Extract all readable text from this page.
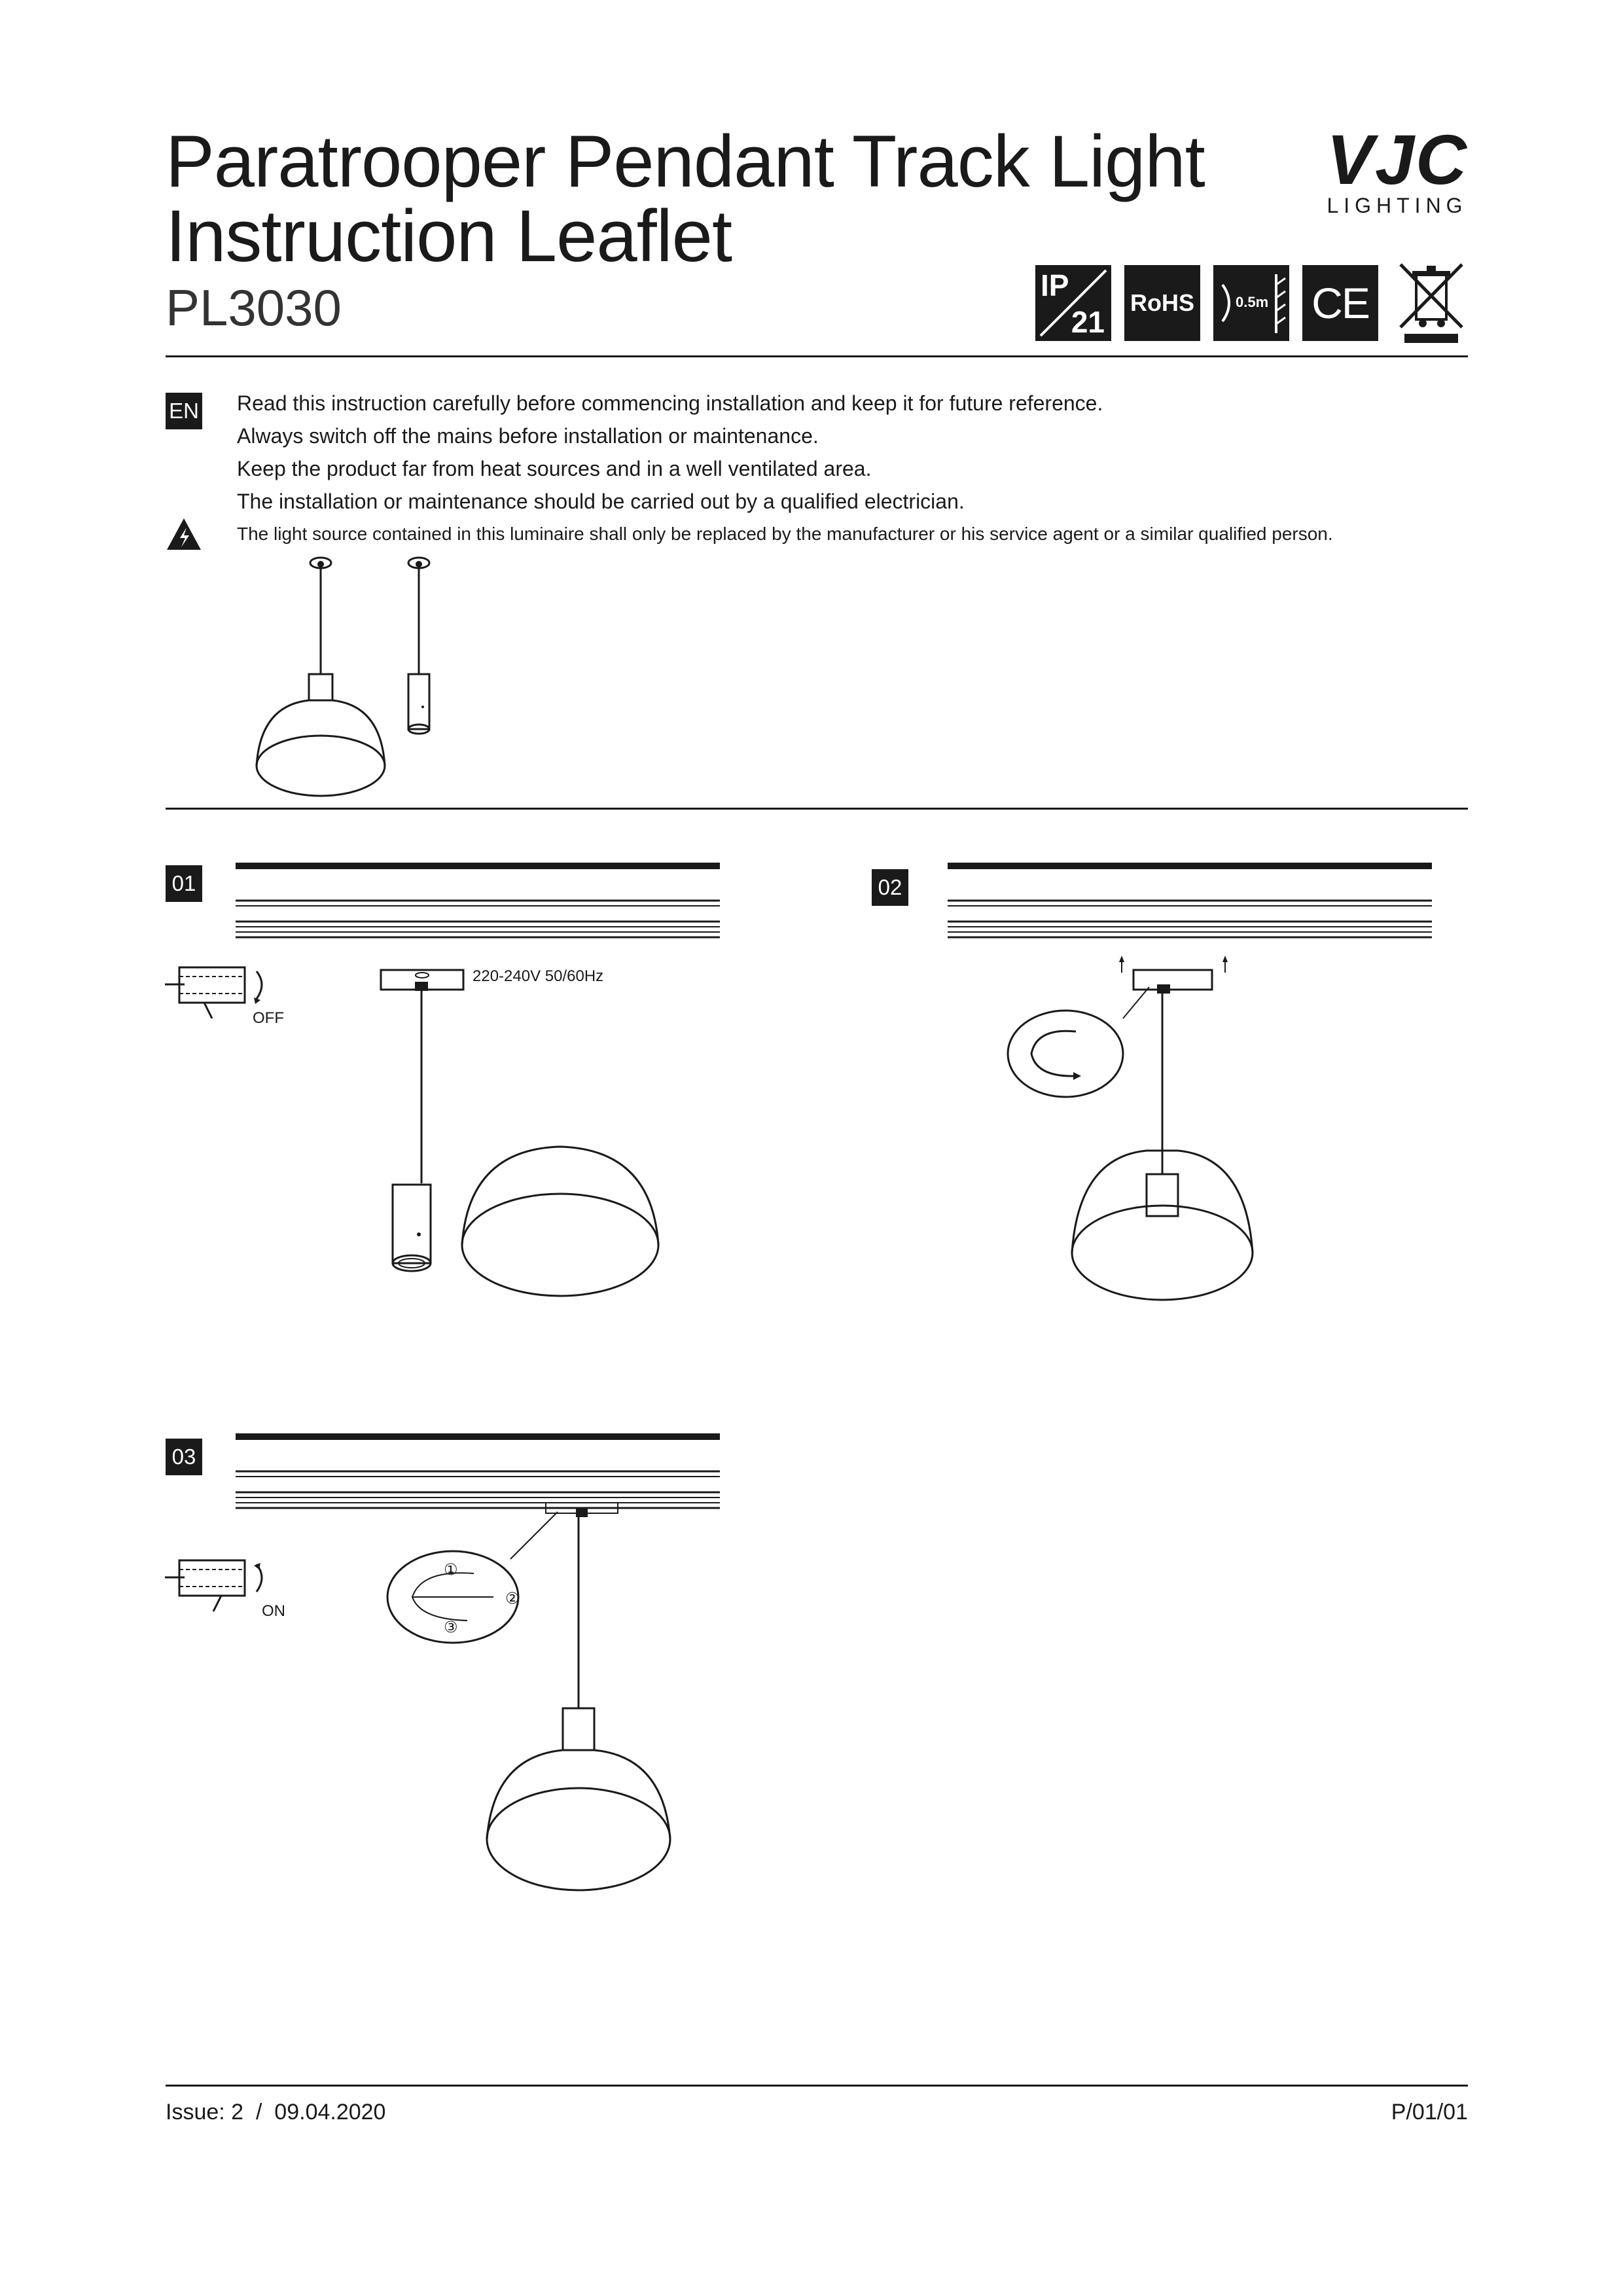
Paratrooper Pendant Track Light
Instruction Leaflet
PL3030
VJC
LIGHTING
IP
21
RoHS	0.5m CE
EN Read this instruction carefully before commencing installation and keep it for future reference.
Always switch off the mains before installation or maintenance.
Keep the product far from heat sources and in a well ventilated area.
The installation or maintenance should be carried out by a qualified electrician.
The light source contained in this luminaire shall only be replaced by the manufacturer or his service agent or a similar qualified person.
01
OFF
220-240V 50/60Hz
02
03
ON
①
②
③
Issue: 2  /  09.04.2020	P/01/01
